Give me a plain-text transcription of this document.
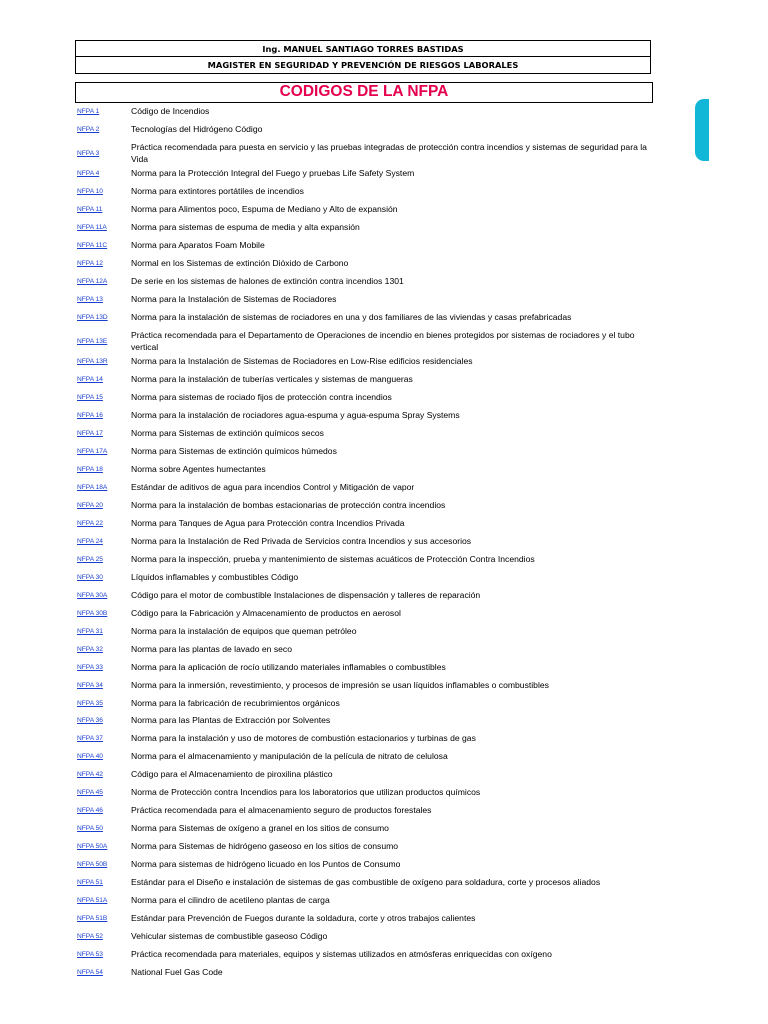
Ing. MANUEL SANTIAGO TORRES BASTIDAS
MAGISTER EN SEGURIDAD Y PREVENCIÓN DE RIESGOS LABORALES
CODIGOS DE LA NFPA
NFPA 1	Código de Incendios
NFPA 2	Tecnologías del Hidrógeno Código
NFPA 3
Práctica recomendada para puesta en servicio y las pruebas integradas de protección contra incendios y sistemas de seguridad para la Vida
NFPA 4	Norma para la Protección Integral del Fuego y pruebas Life Safety System
NFPA 10	Norma para extintores portátiles de incendios
NFPA 11	Norma para Alimentos poco, Espuma de Mediano y Alto de expansión
NFPA 11A	Norma para sistemas de espuma de media y alta expansión
NFPA 11C	Norma para Aparatos Foam Mobile
NFPA 12	Normal en los Sistemas de extinción Dióxido de Carbono
NFPA 12A	De serie en los sistemas de halones de extinción contra incendios 1301
NFPA 13	Norma para la Instalación de Sistemas de Rociadores
NFPA 13D	Norma para la instalación de sistemas de rociadores en una y dos familiares de las viviendas y casas prefabricadas
NFPA 13E
Práctica recomendada para el Departamento de Operaciones de incendio en bienes protegidos por sistemas de rociadores y el tubo vertical
NFPA 13R	Norma para la Instalación de Sistemas de Rociadores en Low-Rise edificios residenciales
NFPA 14	Norma para la instalación de tuberías verticales y sistemas de mangueras
NFPA 15	Norma para sistemas de rociado fijos de protección contra incendios
NFPA 16	Norma para la instalación de rociadores agua-espuma y agua-espuma Spray Systems
NFPA 17	Norma para Sistemas de extinción químicos secos
NFPA 17A	Norma para Sistemas de extinción químicos húmedos
NFPA 18	Norma sobre Agentes humectantes
NFPA 18A	Estándar de aditivos de agua para incendios Control y Mitigación de vapor
NFPA 20	Norma para la instalación de bombas estacionarias de protección contra incendios
NFPA 22	Norma para Tanques de Agua para Protección contra Incendios Privada
NFPA 24	Norma para la Instalación de Red Privada de Servicios contra Incendios y sus accesorios
NFPA 25	Norma para la inspección, prueba y mantenimiento de sistemas acuáticos de Protección Contra Incendios
NFPA 30	Líquidos inflamables y combustibles Código
NFPA 30A	Código para el motor de combustible Instalaciones de dispensación y talleres de reparación
NFPA 30B	Código para la Fabricación y Almacenamiento de productos en aerosol
NFPA 31	Norma para la instalación de equipos que queman petróleo
NFPA 32	Norma para las plantas de lavado en seco
NFPA 33	Norma para la aplicación de rocío utilizando materiales inflamables o combustibles
NFPA 34	Norma para la inmersión, revestimiento, y procesos de impresión se usan líquidos inflamables o combustibles
NFPA 35	Norma para la fabricación de recubrimientos orgánicos
NFPA 36	Norma para las Plantas de Extracción por Solventes
NFPA 37	Norma para la instalación y uso de motores de combustión estacionarios y turbinas de gas
NFPA 40	Norma para el almacenamiento y manipulación de la película de nitrato de celulosa
NFPA 42	Código para el Almacenamiento de piroxilina plástico
NFPA 45	Norma de Protección contra Incendios para los laboratorios que utilizan productos químicos
NFPA 46	Práctica recomendada para el almacenamiento seguro de productos forestales
NFPA 50	Norma para Sistemas de oxígeno a granel en los sitios de consumo
NFPA 50A	Norma para Sistemas de hidrógeno gaseoso en los sitios de consumo
NFPA 50B	Norma para sistemas de hidrógeno licuado en los Puntos de Consumo
NFPA 51	Estándar para el Diseño e instalación de sistemas de gas combustible de oxígeno para soldadura, corte y procesos aliados
NFPA 51A	Norma para el cilindro de acetileno plantas de carga
NFPA 51B	Estándar para Prevención de Fuegos durante la soldadura, corte y otros trabajos calientes
NFPA 52	Vehicular sistemas de combustible gaseoso Código
NFPA 53	Práctica recomendada para materiales, equipos y sistemas utilizados en atmósferas enriquecidas con oxígeno
NFPA 54	National Fuel Gas Code
